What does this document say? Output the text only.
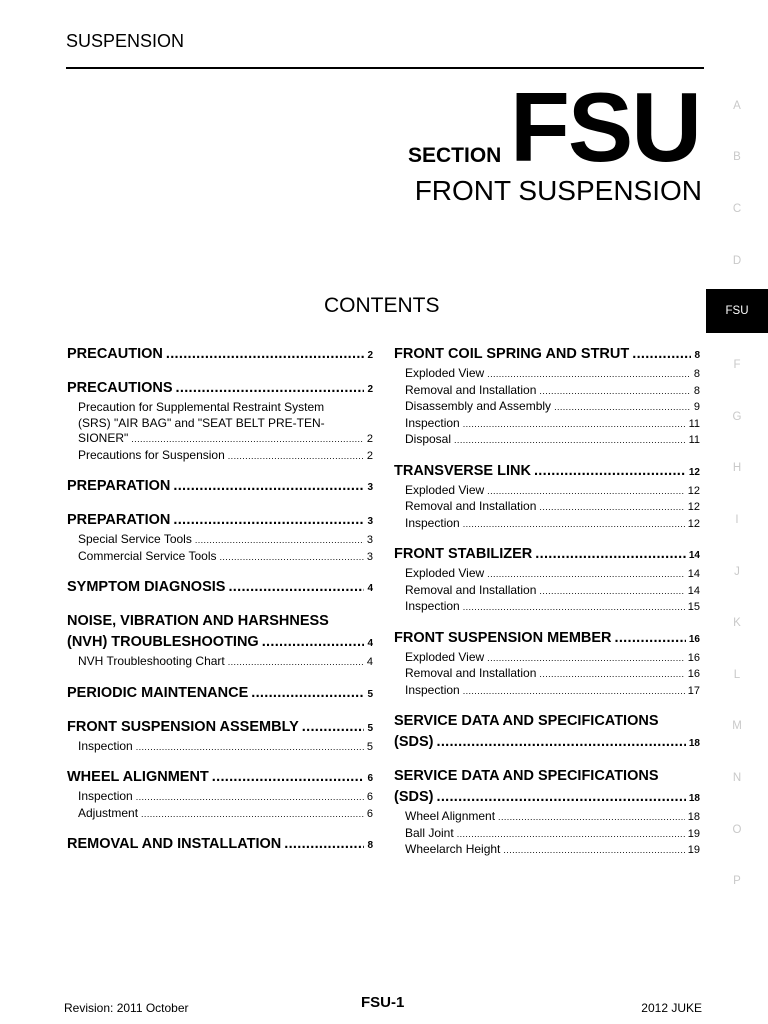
SUSPENSION
SECTION FSU
FRONT SUSPENSION
CONTENTS
PRECAUTION .....	2
PRECAUTIONS .....	2
Precaution for Supplemental Restraint System
(SRS) "AIR BAG" and "SEAT BELT PRE-TEN-
SIONER" .....	2
Precautions for Suspension .....	2
PREPARATION .....	3
PREPARATION .....	3
Special Service Tools .....	3
Commercial Service Tools .....	3
SYMPTOM DIAGNOSIS .....	4
NOISE, VIBRATION AND HARSHNESS
(NVH) TROUBLESHOOTING .....	4
NVH Troubleshooting Chart .....	4
PERIODIC MAINTENANCE .....	5
FRONT SUSPENSION ASSEMBLY .....	5
Inspection .....	5
WHEEL ALIGNMENT .....	6
Inspection .....	6
Adjustment .....	6
REMOVAL AND INSTALLATION .....	8
FRONT COIL SPRING AND STRUT .....	8
Exploded View .....	8
Removal and Installation .....	8
Disassembly and Assembly .....	9
Inspection .....	11
Disposal .....	11
TRANSVERSE LINK .....	12
Exploded View .....	12
Removal and Installation .....	12
Inspection .....	12
FRONT STABILIZER .....	14
Exploded View .....	14
Removal and Installation .....	14
Inspection .....	15
FRONT SUSPENSION MEMBER .....	16
Exploded View .....	16
Removal and Installation .....	16
Inspection .....	17
SERVICE DATA AND SPECIFICATIONS
(SDS) .....	18
SERVICE DATA AND SPECIFICATIONS
(SDS) .....	18
Wheel Alignment .....	18
Ball Joint .....	19
Wheelarch Height .....	19
A
B
C
D
FSU
F
G
H
I
J
K
L
M
N
O
P
Revision: 2011 October	FSU-1	2012 JUKE
